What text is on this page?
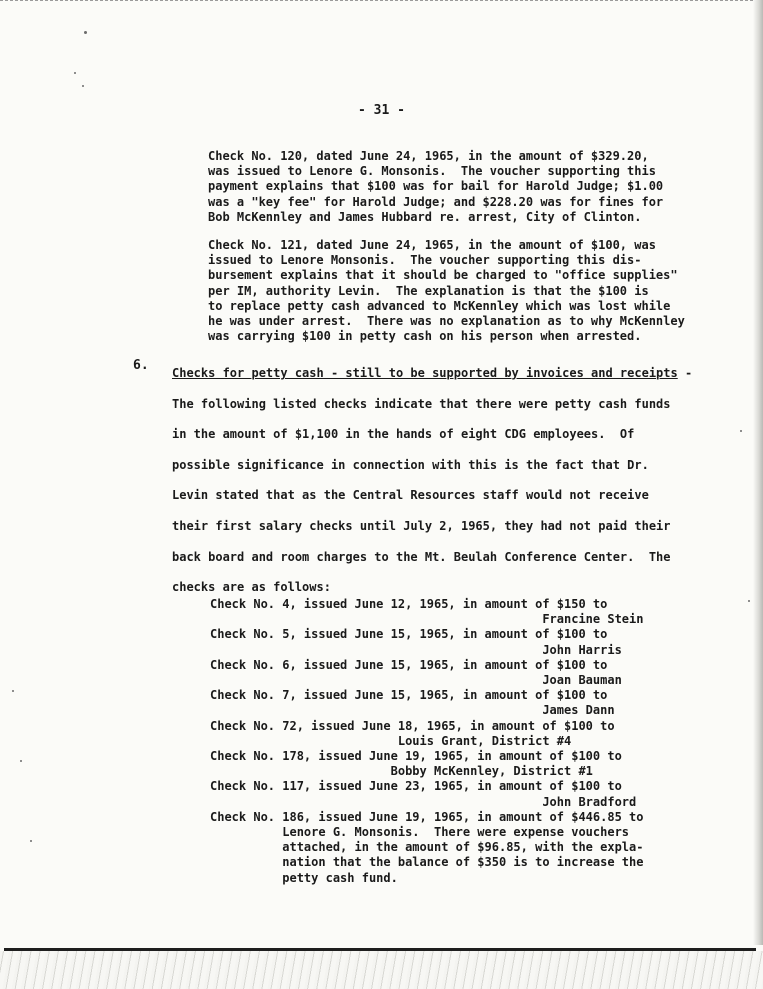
- 31 -
Check No. 120, dated June 24, 1965, in the amount of $329.20,
was issued to Lenore G. Monsonis.  The voucher supporting this
payment explains that $100 was for bail for Harold Judge; $1.00
was a "key fee" for Harold Judge; and $228.20 was for fines for
Bob McKennley and James Hubbard re. arrest, City of Clinton.
Check No. 121, dated June 24, 1965, in the amount of $100, was
issued to Lenore Monsonis.  The voucher supporting this dis-
bursement explains that it should be charged to "office supplies"
per IM, authority Levin.  The explanation is that the $100 is
to replace petty cash advanced to McKennley which was lost while
he was under arrest.  There was no explanation as to why McKennley
was carrying $100 in petty cash on his person when arrested.
6. Checks for petty cash - still to be supported by invoices and receipts -
The following listed checks indicate that there were petty cash funds
in the amount of $1,100 in the hands of eight CDG employees.  Of
possible significance in connection with this is the fact that Dr.
Levin stated that as the Central Resources staff would not receive
their first salary checks until July 2, 1965, they had not paid their
back board and room charges to the Mt. Beulah Conference Center.  The
checks are as follows:
Check No. 4, issued June 12, 1965, in amount of $150 to
Francine Stein
Check No. 5, issued June 15, 1965, in amount of $100 to
John Harris
Check No. 6, issued June 15, 1965, in amount of $100 to
Joan Bauman
Check No. 7, issued June 15, 1965, in amount of $100 to
James Dann
Check No. 72, issued June 18, 1965, in amount of $100 to
Louis Grant, District #4
Check No. 178, issued June 19, 1965, in amount of $100 to
Bobby McKennley, District #1
Check No. 117, issued June 23, 1965, in amount of $100 to
John Bradford
Check No. 186, issued June 19, 1965, in amount of $446.85 to
Lenore G. Monsonis.  There were expense vouchers
attached, in the amount of $96.85, with the expla-
nation that the balance of $350 is to increase the
petty cash fund.
